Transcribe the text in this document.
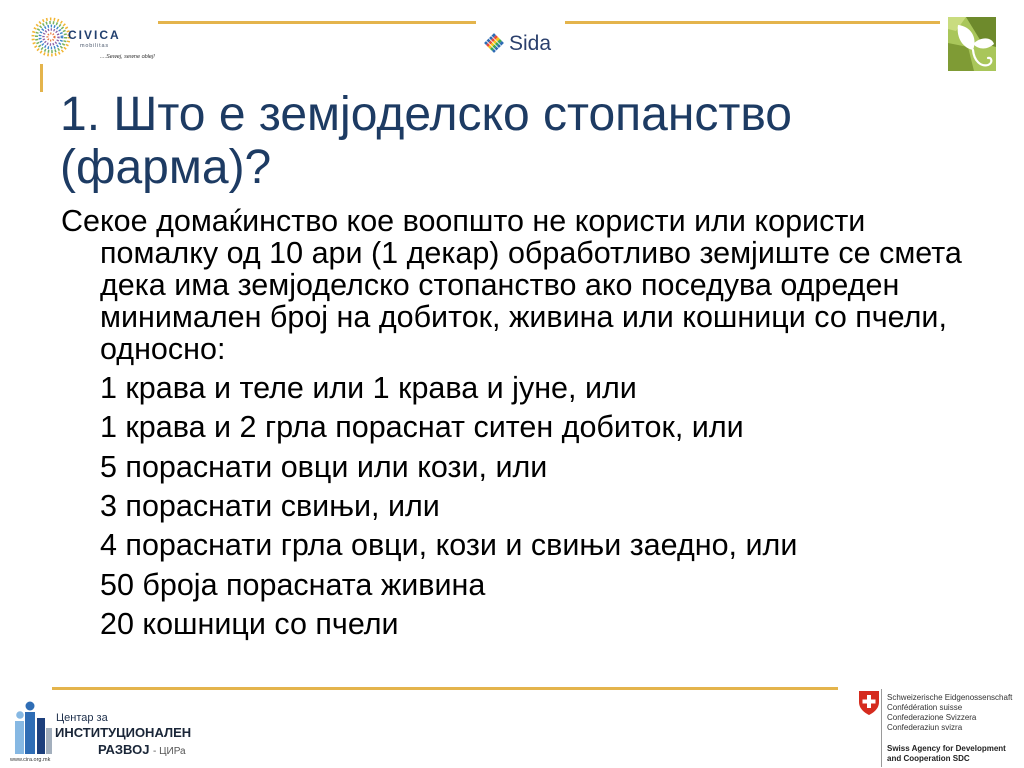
CIVICA
mobilitas
....Sewej, sewne oblej!
Sida
1. Што е земјоделско стопанство (фарма)?
Секое домаќинство кое воопшто не користи или користи
помалку од 10 ари (1 декар) обработливо земјиште се смета
дека има земјоделско стопанство ако поседува одреден
минимален број на добиток, живина или кошници со пчели,
односно:
1 крава и теле или 1 крава и јуне, или
1 крава и 2 грла пораснат ситен добиток, или
5 пораснати овци или кози, или
3 пораснати свињи, или
4 пораснати грла овци, кози и свињи заедно, или
50 броја порасната живина
20 кошници со пчели
Центар за
ИНСТИТУЦИОНАЛЕН
РАЗВОЈ - ЦИРа
www.cira.org.mk
Schweizerische Eidgenossenschaft
Confédération suisse
Confederazione Svizzera
Confederaziun svizra
Swiss Agency for Development
and Cooperation SDC
